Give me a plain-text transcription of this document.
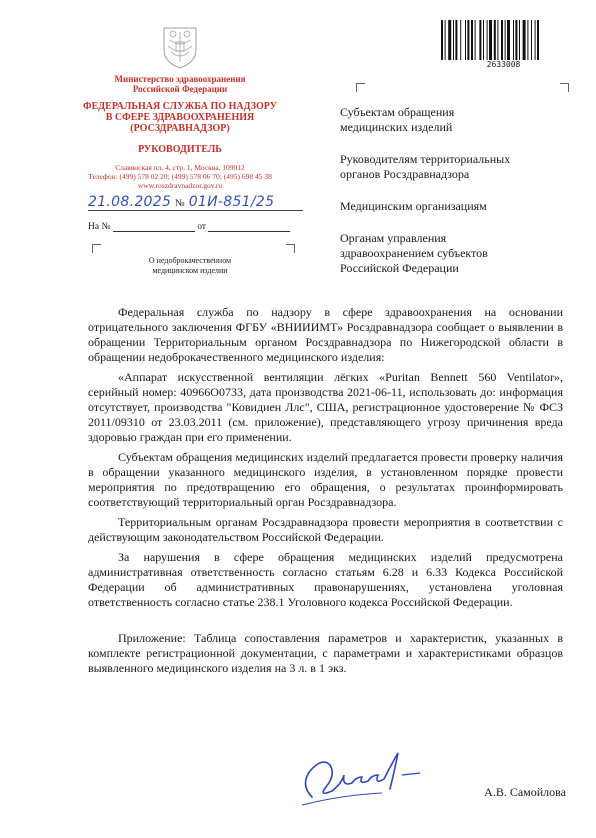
Министерство здравоохранения
Российской Федерации
ФЕДЕРАЛЬНАЯ СЛУЖБА ПО НАДЗОРУ
В СФЕРЕ ЗДРАВООХРАНЕНИЯ
(РОСЗДРАВНАДЗОР)
РУКОВОДИТЕЛЬ
Славянская пл. 4, стр. 1, Москва, 109012
Телефон: (499) 578 02 20; (499) 578 06 70; (495) 698 45 38
www.roszdravnadzor.gov.ru
21.08.2025 № 01И-851/25
На №	от
О недоброкачественном
медицинском изделии
2633008
Субъектам обращения
медицинских изделий
Руководителям территориальных
органов Росздравнадзора
Медицинским организациям
Органам управления
здравоохранением субъектов
Российской Федерации

Федеральная служба по надзору в сфере здравоохранения на основании отрицательного заключения ФГБУ «ВНИИИМТ» Росздравнадзора сообщает о выявлении в обращении Территориальным органом Росздравнадзора по Нижегородской области в обращении недоброкачественного медицинского изделия:

«Аппарат искусственной вентиляции лёгких «Puritan Bennett 560 Ventilator», серийный номер: 40966О0733, дата производства 2021-06-11, использовать до: информация отсутствует, производства "Ковидиен Ллс", США, регистрационное удостоверение № ФСЗ 2011/09310 от 23.03.2011 (см. приложение), представляющего угрозу причинения вреда здоровью граждан при его применении.

Субъектам обращения медицинских изделий предлагается провести проверку наличия в обращении указанного медицинского изделия, в установленном порядке провести мероприятия по предотвращению его обращения, о результатах проинформировать соответствующий территориальный орган Росздравнадзора.

Территориальным органам Росздравнадзора провести мероприятия в соответствии с действующим законодательством Российской Федерации.

За нарушения в сфере обращения медицинских изделий предусмотрена административная ответственность согласно статьям 6.28 и 6.33 Кодекса Российской Федерации об административных правонарушениях, установлена уголовная ответственность согласно статье 238.1 Уголовного кодекса Российской Федерации.

Приложение: Таблица сопоставления параметров и характеристик, указанных в комплекте регистрационной документации, с параметрами и характеристиками образцов выявленного медицинского изделия на 3 л. в 1 экз.

А.В. Самойлова
